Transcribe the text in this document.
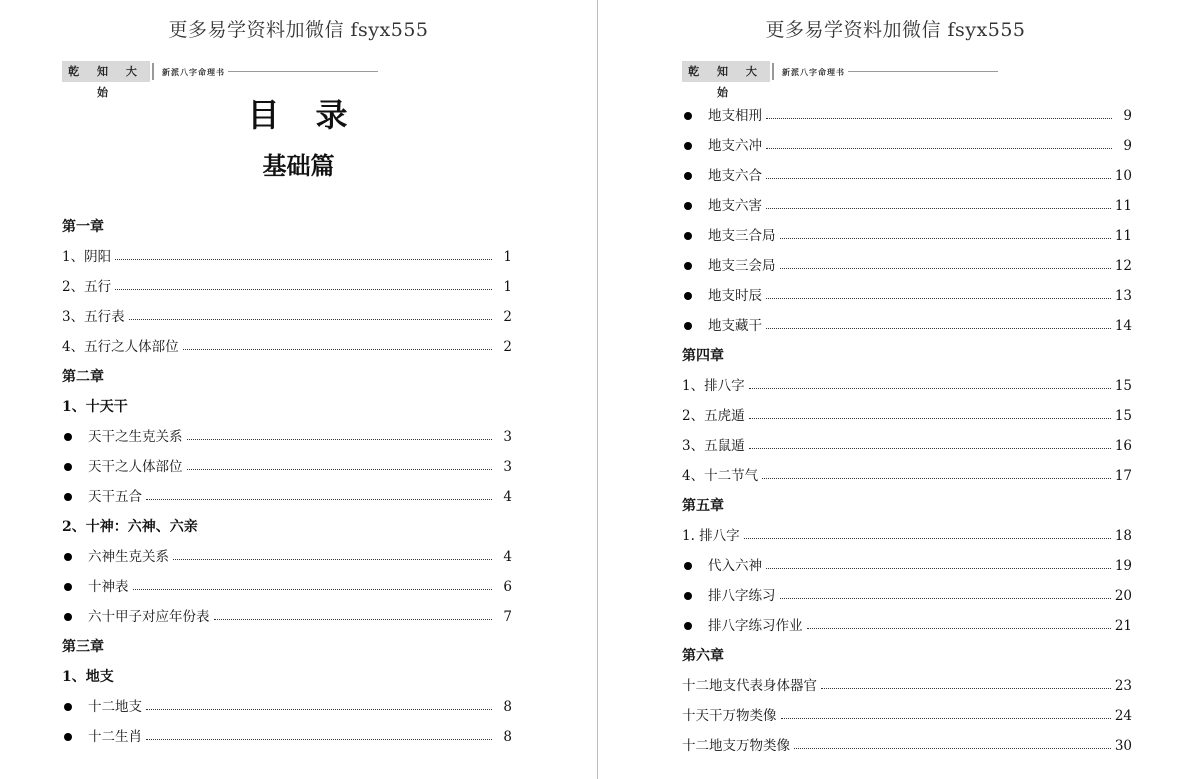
更多易学资料加微信 fsyx555
乾 知 大 始
新派八字命理书
目　录
基础篇
第一章
1、阴阳	1
2、五行	1
3、五行表	2
4、五行之人体部位	2
第二章
1、十天干
天干之生克关系	3
天干之人体部位	3
天干五合	4
2、十神：六神、六亲
六神生克关系	4
十神表	6
六十甲子对应年份表	7
第三章
1、地支
十二地支	8
十二生肖	8
更多易学资料加微信 fsyx555
乾 知 大 始
新派八字命理书
地支相刑	9
地支六冲	9
地支六合	10
地支六害	11
地支三合局	11
地支三会局	12
地支时辰	13
地支藏干	14
第四章
1、排八字	15
2、五虎遁	15
3、五鼠遁	16
4、十二节气	17
第五章
1. 排八字	18
代入六神	19
排八字练习	20
排八字练习作业	21
第六章
十二地支代表身体器官	23
十天干万物类像	24
十二地支万物类像	30
